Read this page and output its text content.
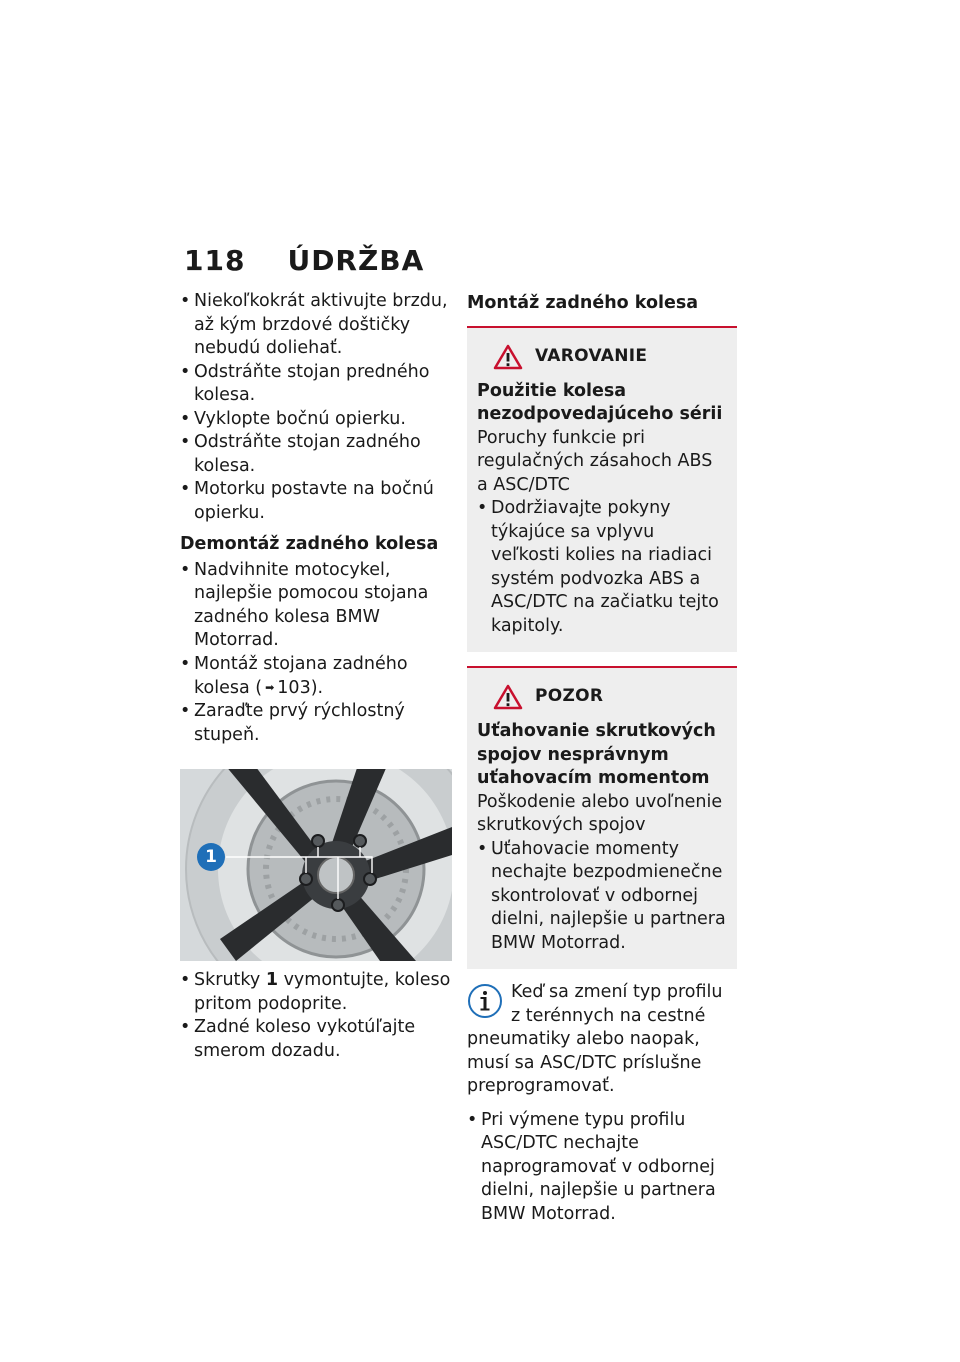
118 ÚDRŽBA
• Niekoľkokrát aktivujte brzdu, až kým brzdové doštičky nebudú doliehať.
• Odstráňte stojan predného kolesa.
• Vyklopte bočnú opierku.
• Odstráňte stojan zadného kolesa.
• Motorku postavte na bočnú opierku.
Demontáž zadného kolesa
• Nadvihnite motocykel, najlepšie pomocou stojana zadného kolesa BMW Motorrad.
• Montáž stojana zadného kolesa ( ➡ 103).
• Zaraďte prvý rýchlostný stupeň.
1
• Skrutky 1 vymontujte, koleso pritom podoprite.
• Zadné koleso vykotúľajte smerom dozadu.
Montáž zadného kolesa
VAROVANIE
Použitie kolesa nezodpovedajúceho sérii
Poruchy funkcie pri regulačných zásahoch ABS a ASC/DTC
• Dodržiavajte pokyny týkajúce sa vplyvu veľkosti kolies na riadiaci systém podvozka ABS a ASC/DTC na začiatku tejto kapitoly.
POZOR
Uťahovanie skrutkových spojov nesprávnym uťahovacím momentom
Poškodenie alebo uvoľnenie skrutkových spojov
• Uťahovacie momenty nechajte bezpodmienečne skontrolovať v odbornej dielni, najlepšie u partnera BMW Motorrad.

Keď sa zmení typ profilu z terénnych na cestné pneumatiky alebo naopak, musí sa ASC/DTC príslušne preprogramovať.

• Pri výmene typu profilu ASC/DTC nechajte naprogramovať v odbornej dielni, najlepšie u partnera BMW Motorrad.
